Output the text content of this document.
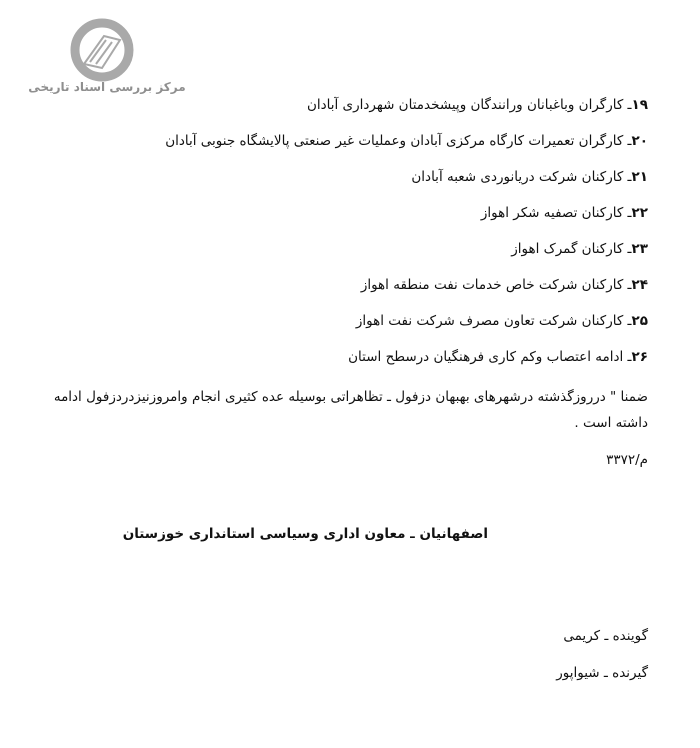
مرکز بررسی اسناد تاریخی
۱۹ـ کارگران وباغبانان ورانندگان وپیشخدمتان شهرداری آبادان
۲۰ـ کارگران تعمیرات کارگاه مرکزی آبادان وعملیات غیر صنعتی پالایشگاه جنوبی آبادان
۲۱ـ کارکنان شرکت دریانوردی شعبه آبادان
۲۲ـ کارکنان تصفیه شکر اهواز
۲۳ـ کارکنان گمرک اهواز
۲۴ـ کارکنان شرکت خاص خدمات نفت منطقه اهواز
۲۵ـ کارکنان شرکت تعاون مصرف شرکت نفت اهواز
۲۶ـ ادامه اعتصاب وکم کاری فرهنگیان درسطح استان
ضمنا " درروزگذشته درشهرهای بهبهان دزفول ـ تظاهراتی بوسیله عده کثیری انجام وامروزنیزدردزفول ادامه داشته است .
م/۳۳۷۲
اصفهانیان ـ معاون اداری وسیاسی استانداری خوزستان
گوینده ـ کریمی
گیرنده ـ شیواپور
